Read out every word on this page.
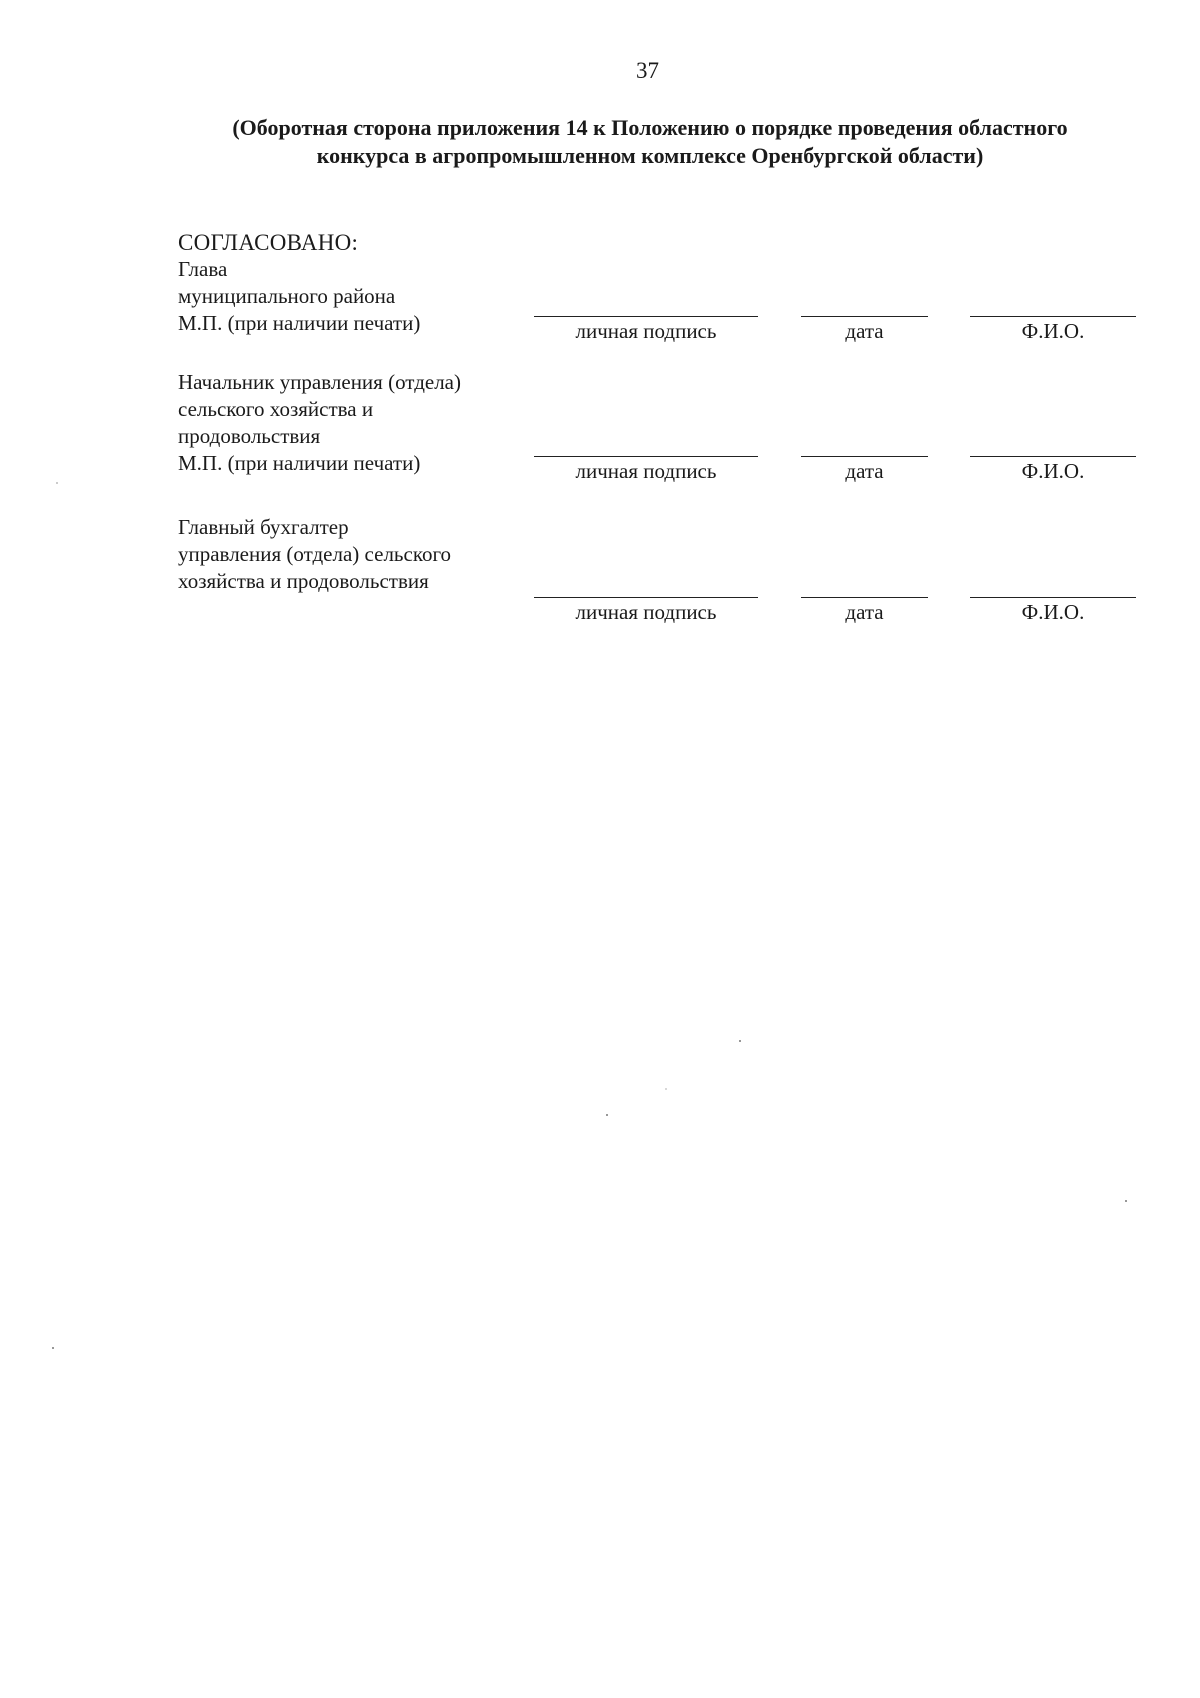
37
(Оборотная сторона приложения 14 к Положению о порядке проведения областного
конкурса в агропромышленном комплексе Оренбургской области)
СОГЛАСОВАНО:
Глава
муниципального района
М.П. (при наличии печати)	личная подпись	дата	Ф.И.О.
Начальник управления (отдела)
сельского хозяйства и
продовольствия
М.П. (при наличии печати)	личная подпись	дата	Ф.И.О.
Главный бухгалтер
управления (отдела) сельского
хозяйства и продовольствия
личная подпись	дата	Ф.И.О.
